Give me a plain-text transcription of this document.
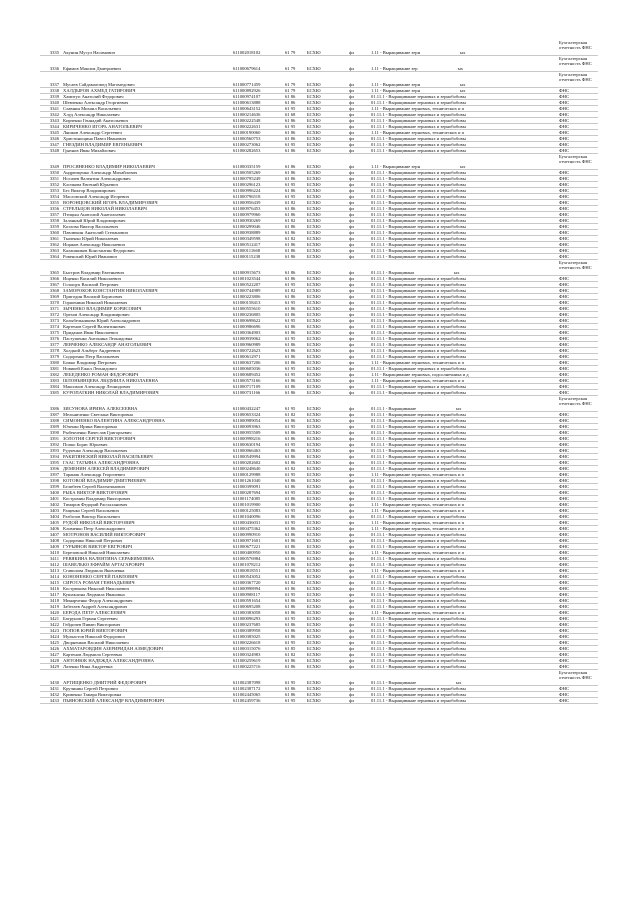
3335	Акунин Мусул Насимович	611002018102	61 79	БСХЮ	фл	1.11 - Выращивание зерн ых	Бухгалтерская отчетность ФНС
3336	Ефимов Максим Дмитриевич	611000679614	61 79	БСХЮ	фл	1.11 - Выращивание зер ых	Бухгалтерская отчетность ФНС
3337	Мусаев Сайдамагомед Магомедович	611000771459	61 79	БСХЮ	фл	1.11 - Выращивание зерн ых	Бухгалтерская отчетность ФНС
3338	ХАЛДЫРОВ АХМЕД ГАТИРОВИЧ	611000892926	61 79	БСХЮ	фл	1.11 - Выращивание зерн ых	ФНС
3339	Хамитуп Анатолий Федорович	611000974107	61 86	БСХЮ	фл	01.11.1 - Выращивание зерновых и зернобобовы	ФНС
3340	Шевченко Александр Георгиевич	611000613888	61 86	БСХЮ	фл	01.11.1 - Выращивание зерновых и зернобобовы	ФНС
3341	Славнин Михаил Васильевич	611000643152	61 95	БСХЮ	фл	1.11 - Выращивание зерновых, технических и п	ФНС
3342	Хлуд Александр Николаевич	611000214636	61 68	БСХЮ	фл	01.11.1 - Выращивание зерновых и зернобобовы	ФНС
3343	Кирченко Геннадий Анатольевич	611000222548	61 86	БСХЮ	фл	01.11.1 - Выращивание зерновых и зернобобовы	ФНС
3344	КИРИЧЕНКО ИГОРЬ АНАТОЛЬЕВИЧ	611000222631	61 95	БСХЮ	фл	01.11.1 - Выращивание зерновых и зернобобовы	ФНС
3345	Ляшков Александр Сергеевич	611000190060	61 86	БСХЮ	фл	1.11 - Выращивание зерновых, технических и п	ФНС
3346	Христинощина Павел Иванович	611000560753	61 86	БСХЮ	фл	01.11.1 - Выращивание зерновых и зернобобовы	ФНС
3347	ГНЕЗДИН ВЛАДИМИР ЕВГЕНЬЕВИЧ	611000273062	61 95	БСХЮ	фл	01.11.1 - Выращивание зерновых и зернобобовы	ФНС
3348	Грязнов Иван Михайлович	611000282653	61 86	БСХЮ	фл	01.11.1 - Выращивание зерновых и зернобобовы	ФНС
3349	ПРОСЯНЕНКО ВЛАДИМИР НИКОЛАЕВИЧ	611000335159	61 86	БСХЮ	фл	1.11 - Выращивание зерн ых	Бухгалтерская отчетность ФНС
3350	Андрющенко Александр Михайлович	611000505269	61 86	БСХЮ	фл	01.11.1 - Выращивание зерновых и зернобобовы	ФНС
3351	Носачев Валентин Александрович	611000795249	61 86	БСХЮ	фл	01.11.1 - Выращивание зерновых и зернобобовы	ФНС
3352	Клочкова Евгений Юрьевич	611000296123	61 95	БСХЮ	фл	01.11.1 - Выращивание зерновых и зернобобовы	ФНС
3353	Бес Виктор Владимирович	611000996224	61 86	БСХЮ	фл	01.11.1 - Выращивание зерновых и зернобобовы	ФНС
3354	Масловский Александр Игоревич	611000796518	61 95	БСХЮ	фл	01.11.1 - Выращивание зерновых и зернобобовы	ФНС
3355	ВОРОНЦОВСКИЙ ИГОРЬ ВЛАДИМИРОВИЧ	611000956439	61 82	БСХЮ	фл	01.11.1 - Выращивание зерновых и зернобобовы	ФНС
3356	СТРЕЛЬЦОВ НИКОЛАЙ НИКОЛАЕВИЧ	611000976453	61 86	БСХЮ	фл	01.11.1 - Выращивание зерновых и зернобобовы	ФНС
3357	Птицын Анатолий Анатольевич	611000979960	61 86	БСХЮ	фл	01.11.1 - Выращивание зерновых и зернобобовы	ФНС
3358	Заланный Юрий Владимирович	611000930269	61 82	БСХЮ	фл	01.11.1 - Выращивание зерновых и зернобобовы	ФНС
3359	Козлова Виктор Васильевич	611000299046	61 86	БСХЮ	фл	01.11.1 - Выращивание зерновых и зернобобовы	ФНС
3360	Павлюкин Анатолий Степанович	611000938889	61 86	БСХЮ	фл	01.11.1 - Выращивание зерновых и зернобобовы	ФНС
3361	Ткаченко Юрий Николаевич	611000349598	61 82	БСХЮ	фл	01.11.1 - Выращивание зерновых и зернобобовы	ФНС
3362	Ищаков Александр Николаевич	611000512417	61 86	БСХЮ	фл	01.11.1 - Выращивание зерновых и зернобобовы	ФНС
3363	Калашников Константин Федорович	611000111668	61 86	БСХЮ	фл	01.11.1 - Выращивание зерновых и зернобобовы	ФНС
3364	Ровенский Юрий Иванович	611000115238	61 86	БСХЮ	фл	01.11.1 - Выращивание зерновых и зернобобовы	ФНС
3365	Быстров Владимир Евгеньевич	611000915673	61 86	БСХЮ	фл	01.11.1 - Выращивани ых	Бухгалтерская отчетность ФНС
3366	Ищенко Василий Николаевич	611001023544	61 86	БСХЮ	фл	01.11.1 - Выращивание зерновых и зернобобовы	ФНС
3367	Голощуп Василий Петрович	611000522207	61 95	БСХЮ	фл	01.11.1 - Выращивание зерновых и зернобобовы	ФНС
3368	ЗАМОРОКОВ КОНСТАНТИН НИКОЛАЕВИЧ	611000744989	61 82	БСХЮ	фл	01.11.1 - Выращивание зерновых и зернобобовы	ФНС
3369	Пригодин Василий Борисович	611000223806	61 86	БСХЮ	фл	01.11.1 - Выращивание зерновых и зернобобовы	ФНС
3370	Горшенина Николай Николаевич	611000158413	61 95	БСХЮ	фл	01.11.1 - Выращивание зерновых и зернобобовы	ФНС
3371	ЗЫЧЕНКО ВЛАДИМИР БОРИСОВИЧ	611000555610	61 86	БСХЮ	фл	01.11.1 - Выращивание зерновых и зернобобовы	ФНС
3372	Орехов Александр Владимирович	611000236805	61 86	БСХЮ	фл	01.11.1 - Выращивание зерновых и зернобобовы	ФНС
3373	Колыбельникова Юрий Александрович	611000698622	61 95	БСХЮ	фл	01.11.1 - Выращивание зерновых и зернобобовы	ФНС
3374	Картенов Сергей Валентинович	611000986696	61 86	БСХЮ	фл	01.11.1 - Выращивание зерновых и зернобобовы	ФНС
3375	Приданов Иван Николаевич	611000364903	61 86	БСХЮ	фл	01.11.1 - Выращивание зерновых и зернобобовы	ФНС
3376	Пастушенко Антонина Леонидовна	611000939062	61 95	БСХЮ	фл	01.11.1 - Выращивание зерновых и зернобобовы	ФНС
3377	ЛЕВЧЕНКО АЛЕКСАНДР АНАТОЛЬЕВИЧ	611000960989	61 86	БСХЮ	фл	01.11.1 - Выращивание зерновых и зернобобовы	ФНС
3378	Холдкий Альберт Андреевич	611000722623	61 86	БСХЮ	фл	01.11.1 - Выращивание зерновых и зернобобовы	ФНС
3379	Сидоренко Петр Васильевич	611000612971	61 86	БСХЮ	фл	01.11.1 - Выращивание зерновых и зернобобовы	ФНС
3380	Божко Владимир Петрович	611000637206	61 86	БСХЮ	фл	1.11 - Выращивание зерновых, технических и п	ФНС
3381	Новикей Ежил Леонидович	611000605036	61 95	БСХЮ	фл	01.11.1 - Выращивание зерновых и зернобобовы	ФНС
3382	ЛЕБЕДЕНКО РОМАН ФЕДОРОВИЧ	611000689452	61 95	БСХЮ	фл	1.11 - Выращивание зерновых, подсолнечника и д	ФНС
3383	ШЛОНЬЯНЦЕВА ЛЮДМИЛА НИКОЛАЕВНА	611000573166	61 86	БСХЮ	фл	1.11 - Выращивание зерновых, технических и п	ФНС
3384	Максимов Александр Леонидович	611000717109	61 86	БСХЮ	фл	01.11.1 - Выращивание зерновых и зернобобовы	ФНС
3385	КУРОПАТКИН НИКОЛАЙ ВЛАДИМИРОВИЧ	611000731166	61 86	БСХЮ	фл	01.11.1 - Выращивание зерновых и зернобобовы	ФНС
3386	ЗИСУНОВА ИРИНА АЛЕКСЕЕВНА	611000432247	61 95	БСХЮ	фл	01.11.1 - Выращивание ых	Бухгалтерская отчетность ФНС
3387	Мельниченко Светлана Викторовна	611000653324	61 82	БСХЮ	фл	01.11.1 - Выращивание зерновых и зернобобовы	ФНС
3388	СИМОНЕНКО ВАЛЕНТИНА АЛЕКСАНДРОВНА	611000989054	61 86	БСХЮ	фл	01.11.1 - Выращивание зерновых и зернобобовы	ФНС
3389	Юченко Ирина Викторовна	611000093963	61 95	БСХЮ	фл	01.11.1 - Выращивание зерновых и зернобобовы	ФНС
3390	Рыбенченко Вячеслав Григорьевич	611000955509	61 86	БСХЮ	фл	01.11.1 - Выращивание зерновых и зернобобовы	ФНС
3391	ЗОЛОТНЯ СЕРГЕЙ ВИКТОРОВИЧ	611000998216	61 86	БСХЮ	фл	01.11.1 - Выращивание зерновых и зернобобовы	ФНС
3392	Попко Борис Юрьевич	611000630194	61 95	БСХЮ	фл	01.11.1 - Выращивание зерновых и зернобобовы	ФНС
3393	Рудченко Александр Васильевич	611000066463	61 86	БСХЮ	фл	01.11.1 - Выращивание зерновых и зернобобовы	ФНС
3394	РАКИТЯНСКИЙ НИКОЛАЙ ВАСИЛЬЕВИЧ	611000549994	61 86	БСХЮ	фл	01.11.1 - Выращивание зерновых и зернобобовы	ФНС
3395	ГААС ТАТЬЯНА АЛЕКСАНДРОВНА	611000202602	61 86	БСХЮ	фл	01.11.1 - Выращивание зерновых и зернобобовы	ФНС
3396	ДЕМЕНИН АЛЕКСЕЙ ВЛАДИМИРОВИЧ	611000248640	61 82	БСХЮ	фл	01.11.1 - Выращивание зерновых и зернобобовы	ФНС
3397	Тараник Александр Георгиевич	611000129988	61 95	БСХЮ	фл	1.11 - Выращивание зерновых, технических и п	ФНС
3398	КОТОВОЙ ВЛАДИМИР ДМИТРИЕВИЧ	611001261040	61 86	БСХЮ	фл	01.11.1 - Выращивание зерновых и зернобобовы	ФНС
3399	Белибеев Сергей Валентинович	611000399091	61 86	БСХЮ	фл	01.11.1 - Выращивание зерновых и зернобобовы	ФНС
3400	РЫБА ВИКТОР ВИКТОРОВИЧ	611000287694	61 95	БСХЮ	фл	01.11.1 - Выращивание зерновых и зернобобовы	ФНС
3401	Костромин Владимир Викторович	611001174085	61 86	БСХЮ	фл	01.11.1 - Выращивание зерновых и зернобобовы	ФНС
3402	Тимаров Федорий Рассыханович	611001019900	61 86	БСХЮ	фл	1.11 - Выращивание зерновых, технических и п	ФНС
3403	Ращенко Сергей Васильевич	611000125083	61 95	БСХЮ	фл	1.11 - Выращивание зерновых, технических и п	ФНС
3404	Разбозов Виктор Васильевич	611001040096	61 86	БСХЮ	фл	01.11.1 - Выращивание зерновых и зернобобовы	ФНС
3405	РУДОЙ НИКОЛАЙ ВИКТОРОВИЧ	611000436031	61 95	БСХЮ	фл	1.11 - Выращивание зерновых, технических и п	ФНС
3406	Клименко Петр Александрович	611000475362	61 86	БСХЮ	фл	1.11 - Выращивание зерновых, технических и п	ФНС
3407	МОТРОНОВ ВАСИЛИЙ ВИКТОРОВИЧ	611000990910	61 86	БСХЮ	фл	01.11.1 - Выращивание зерновых и зернобобовы	ФНС
3408	Сидоренко Николай Петрович	611000971601	61 86	БСХЮ	фл	01.11.1 - Выращивание зерновых и зернобобовы	ФНС
3409	ГУРЬЯНОВ ВИКТОР ЕВГРОВИЧ	611000677221	61 86	БСХЮ	фл	01.11.1 - Выращивание зерновых и зернобобовы	ФНС
3410	Березовской Николай Николаевич	611000400950	61 86	БСХЮ	фл	1.11 - Выращивание зерновых, технических и п	ФНС
3411	РЕВЯКИНА ВАЛЕНТИНА СЕРАФИМОВНА	611000576984	61 86	БСХЮ	фл	01.11.1 - Выращивание зерновых и зернобобовы	ФНС
3412	ШАВЕЛЬКО ЕФРАЙМ АРТАГАРОВИЧ	611001078212	61 86	БСХЮ	фл	01.11.1 - Выращивание зерновых и зернобобовы	ФНС
3413	Сгавилова Людмила Яковлевна	611000818551	61 86	БСХЮ	фл	1.11 - Выращивание зерновых, технических и п	ФНС
3414	КОНОНЕНКО СЕРГЕЙ ПАВЛОВИЧ	611000543052	61 86	БСХЮ	фл	01.11.1 - Выращивание зерновых и зернобобовы	ФНС
3415	СИРОТА РОМАН ГЕННАДЬЕВИЧ	611000367720	61 82	БСХЮ	фл	01.11.1 - Выращивание зерновых и зернобобовы	ФНС
3416	Кострюкова Николай Николаевич	611000998994	61 86	БСХЮ	фл	01.11.1 - Выращивание зерновых и зернобобовы	ФНС
3417	Кушаклина Людмила Ивановна	611000908117	61 95	БСХЮ	фл	01.11.1 - Выращивание зерновых и зернобобовы	ФНС
3418	Минарченко Федор Александрович	611000591654	61 86	БСХЮ	фл	01.11.1 - Выращивание зерновых и зернобобовы	ФНС
3419	Забегаев Андрей Александрович	611000695208	61 86	БСХЮ	фл	01.11.1 - Выращивание зерновых и зернобобовы	ФНС
3420	БЕРОДА ПЕТР АЛЕКСЕЕВИЧ	611000383058	61 86	БСХЮ	фл	1.11 - Выращивание зерновых, технических и п	ФНС
3421	Батрунов Герман Сергеевич	611000096293	61 95	БСХЮ	фл	01.11.1 - Выращивание зерновых и зернобобовы	ФНС
3422	Гейдичев Пиваю Викторович	611000237685	61 86	БСХЮ	фл	01.11.1 - Выращивание зерновых и зернобобовы	ФНС
3423	ПОПОВ ЮРИЙ ВИКТОРОВИЧ	611000389958	61 86	БСХЮ	фл	01.11.1 - Выращивание зерновых и зернобобовы	ФНС
3424	Мулкастов Николай Федорович	611000385025	61 86	БСХЮ	фл	01.11.1 - Выращивание зерновых и зернобобовы	ФНС
3425	Дворненков Василий Николаевич	611000226618	61 95	БСХЮ	фл	01.11.1 - Выращивание зерновых и зернобобовы	ФНС
3426	АХМАТАРОВДИН АЗЕРИРИДАН АЗМЕДОВИЧ	611000315076	61 85	БСХЮ	фл	01.11.1 - Выращивание зерновых и зернобобовы	ФНС
3427	Картенов Людмила Сергеевна	611000324983	61 82	БСХЮ	фл	01.11.1 - Выращивание зерновых и зернобобовы	ФНС
3428	АНТОНЮК НАДЕЖДА АЛЕКСАНДРОВНА	611000259619	61 86	БСХЮ	фл	01.11.1 - Выращивание зерновых и зернобобовы	ФНС
3429	Лазенко Нина Андреевна	611000225716	61 86	БСХЮ	фл	01.11.1 - Выращивание зерновых и зернобобовы	ФНС
3430	АРТИЩЕНКО ДМИТРИЙ ФЕДОРОВИЧ	611002387098	61 95	БСХЮ	фл	01.11.1 - Выращивание ых	Бухгалтерская отчетность ФНС
3431	Кручинин Сергей Петрович	611002387172	61 86	БСХЮ	фл	01.11.1 - Выращивание зерновых и зернобобовы	ФНС
3432	Кривенко Тамара Викторовна	611002445065	61 86	БСХЮ	фл	01.11.1 - Выращивание зерновых и зернобобовы	ФНС
3433	ПЬЯНОВСКИЙ АЛЕКСАНДР ВЛАДИМИРОВИЧ	611002459736	61 95	БСХЮ	фл	01.11.1 - Выращивание зерновых и зернобобовы	ФНС
